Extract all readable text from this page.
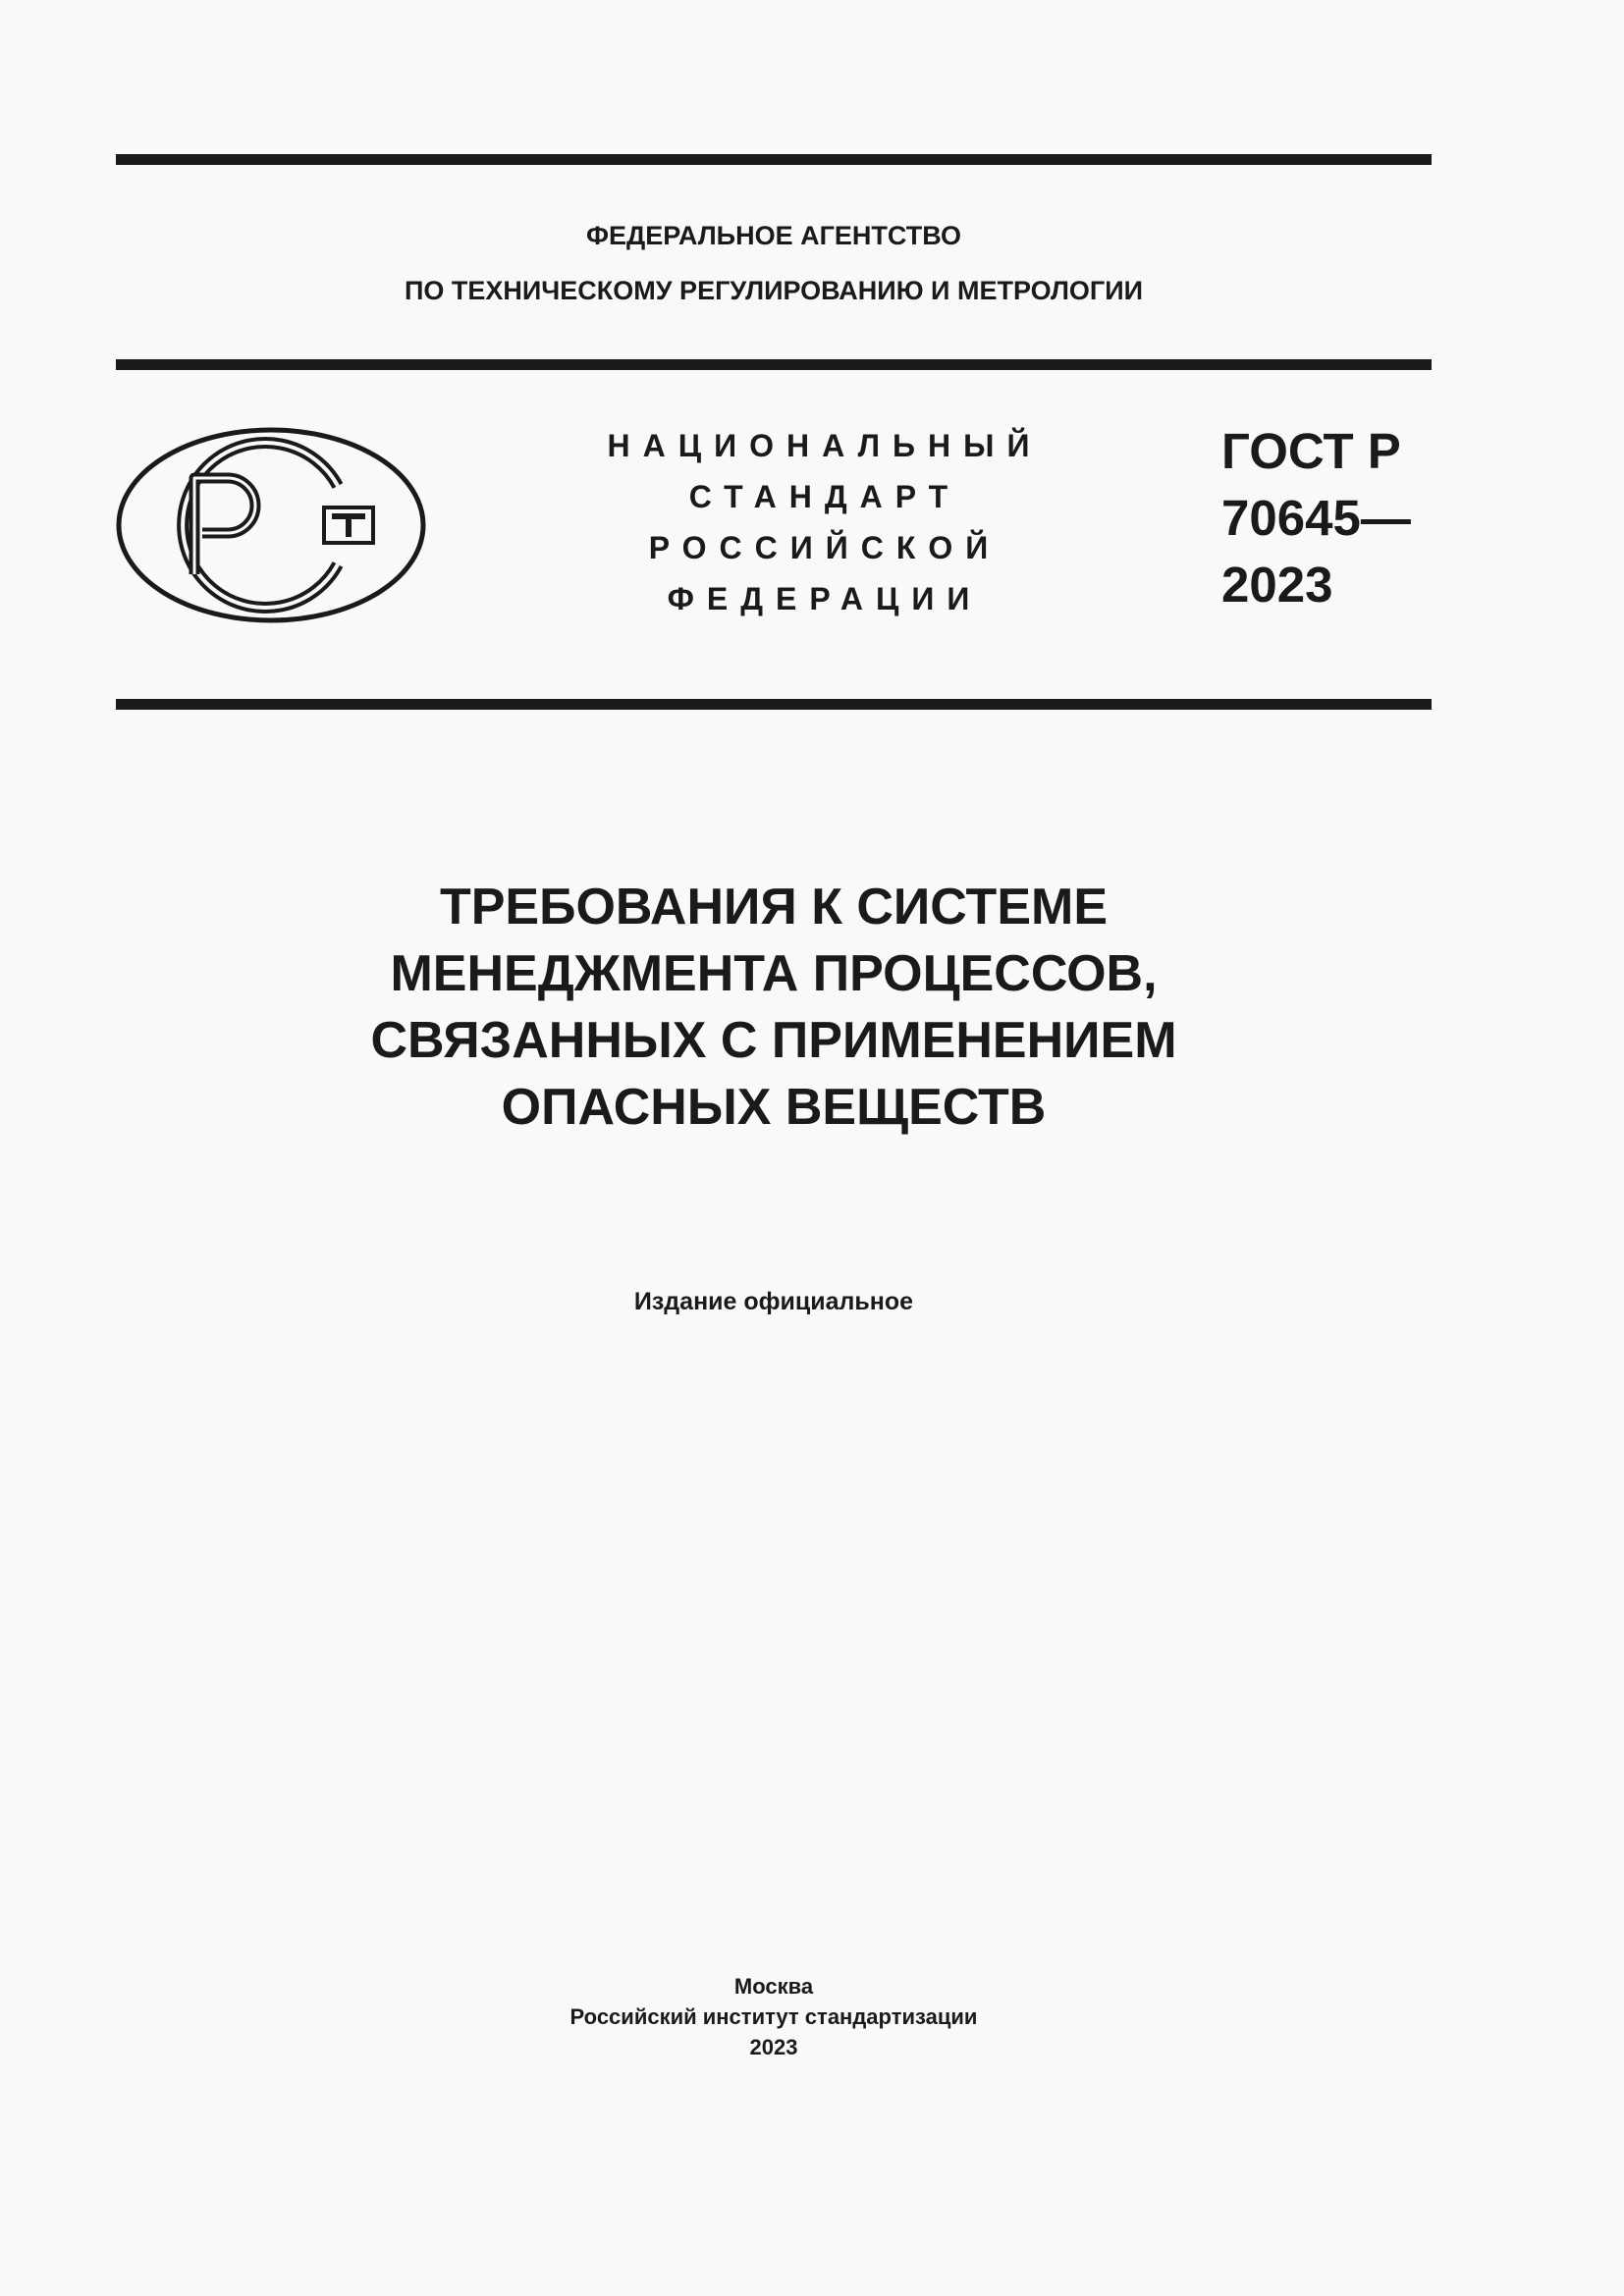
ФЕДЕРАЛЬНОЕ АГЕНТСТВО
ПО ТЕХНИЧЕСКОМУ РЕГУЛИРОВАНИЮ И МЕТРОЛОГИИ
НАЦИОНАЛЬНЫЙ
СТАНДАРТ
РОССИЙСКОЙ
ФЕДЕРАЦИИ
ГОСТ Р
70645—
2023
ТРЕБОВАНИЯ К СИСТЕМЕ
МЕНЕДЖМЕНТА ПРОЦЕССОВ,
СВЯЗАННЫХ С ПРИМЕНЕНИЕМ
ОПАСНЫХ ВЕЩЕСТВ
Издание официальное
Москва
Российский институт стандартизации
2023
